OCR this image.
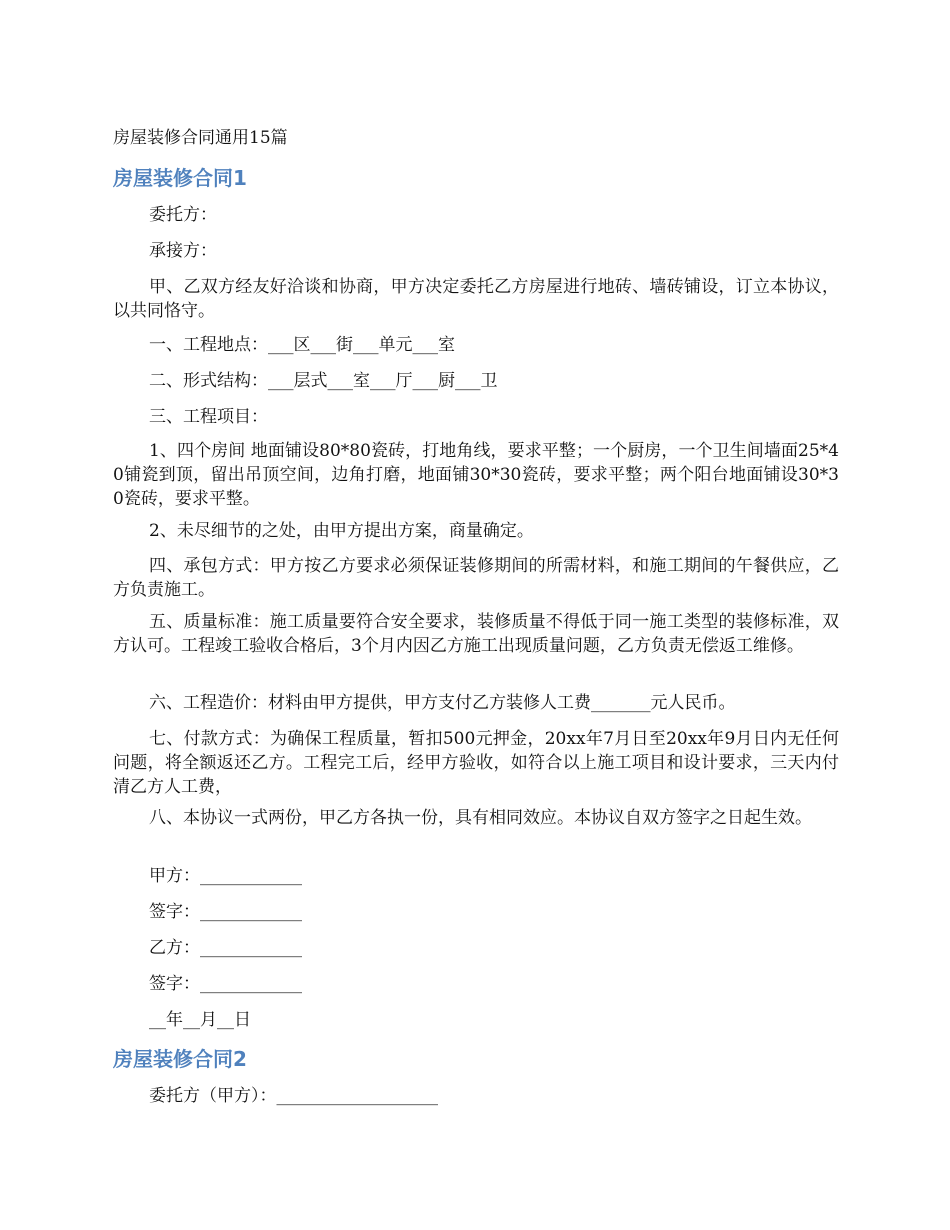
房屋装修合同通用15篇
房屋装修合同1
委托方：
承接方：
甲、乙双方经友好洽谈和协商，甲方决定委托乙方房屋进行地砖、墙砖铺设，订立本协议，以共同恪守。
一、工程地点：___区___街___单元___室
二、形式结构：___层式___室___厅___厨___卫
三、工程项目：
1、四个房间 地面铺设80*80瓷砖，打地角线，要求平整；一个厨房，一个卫生间墙面25*40铺瓷到顶，留出吊顶空间，边角打磨，地面铺30*30瓷砖，要求平整；两个阳台地面铺设30*30瓷砖，要求平整。
2、未尽细节的之处，由甲方提出方案，商量确定。
四、承包方式：甲方按乙方要求必须保证装修期间的所需材料，和施工期间的午餐供应，乙方负责施工。
五、质量标准：施工质量要符合安全要求，装修质量不得低于同一施工类型的装修标准，双方认可。工程竣工验收合格后，3个月内因乙方施工出现质量问题，乙方负责无偿返工维修。
六、工程造价：材料由甲方提供，甲方支付乙方装修人工费_______元人民币。
七、付款方式：为确保工程质量，暂扣500元押金，20xx年7月日至20xx年9月日内无任何问题，将全额返还乙方。工程完工后，经甲方验收，如符合以上施工项目和设计要求，三天内付清乙方人工费，
八、本协议一式两份，甲乙方各执一份，具有相同效应。本协议自双方签字之日起生效。
甲方：____________
签字：____________
乙方：____________
签字：____________
__年__月__日
房屋装修合同2
委托方（甲方）：___________________
